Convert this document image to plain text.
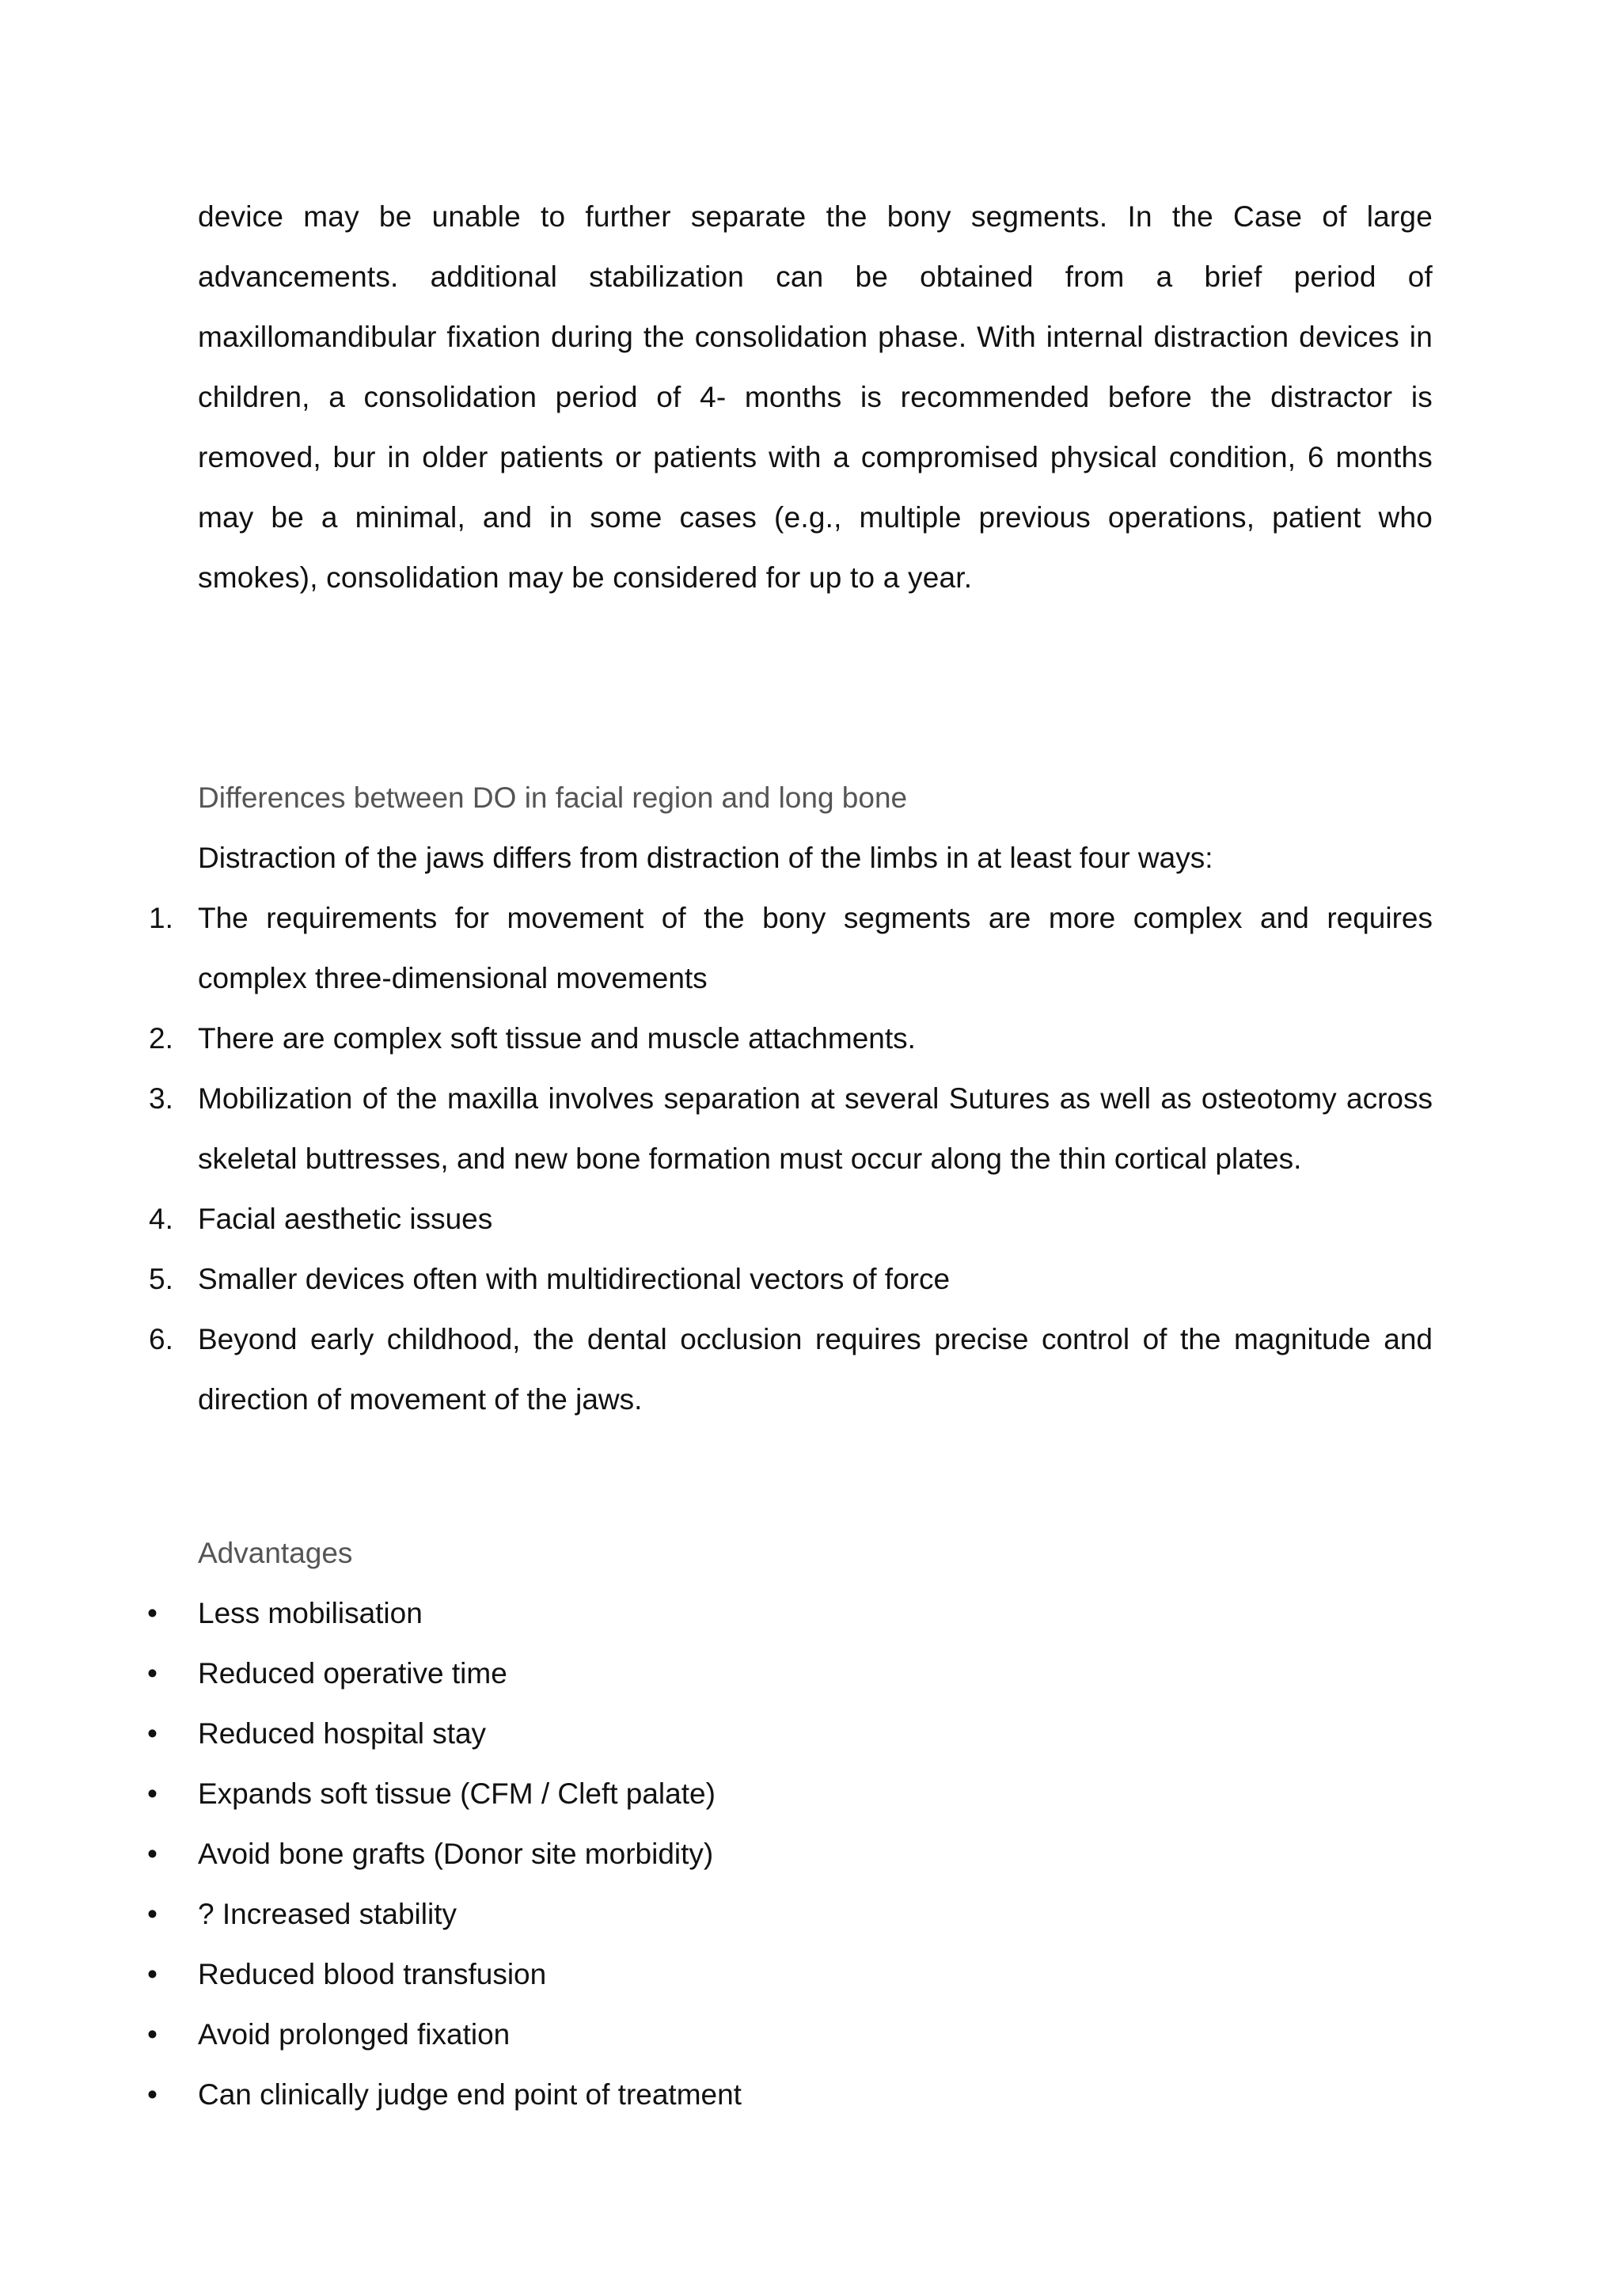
device may be unable to further separate the bony segments. In the Case of large advancements. additional stabilization can be obtained from a brief period of maxillomandibular fixation during the consolidation phase. With internal distraction devices in children, a consolidation period of 4- months is recommended before the distractor is removed, bur in older patients or patients with a compromised physical condition, 6 months may be a minimal, and in some cases (e.g., multiple previous operations, patient who smokes), consolidation may be considered for up to a year.

Differences between DO in facial region and long bone

Distraction of the jaws differs from distraction of the limbs in at least four ways:

1. The requirements for movement of the bony segments are more complex and requires complex three-dimensional movements
2. There are complex soft tissue and muscle attachments.
3. Mobilization of the maxilla involves separation at several Sutures as well as osteotomy across skeletal buttresses, and new bone formation must occur along the thin cortical plates.
4. Facial aesthetic issues
5. Smaller devices often with multidirectional vectors of force
6. Beyond early childhood, the dental occlusion requires precise control of the magnitude and direction of movement of the jaws.
Advantages
• Less mobilisation
• Reduced operative time
• Reduced hospital stay
• Expands soft tissue (CFM / Cleft palate)
• Avoid bone grafts (Donor site morbidity)
• ? Increased stability
• Reduced blood transfusion
• Avoid prolonged fixation
• Can clinically judge end point of treatment
